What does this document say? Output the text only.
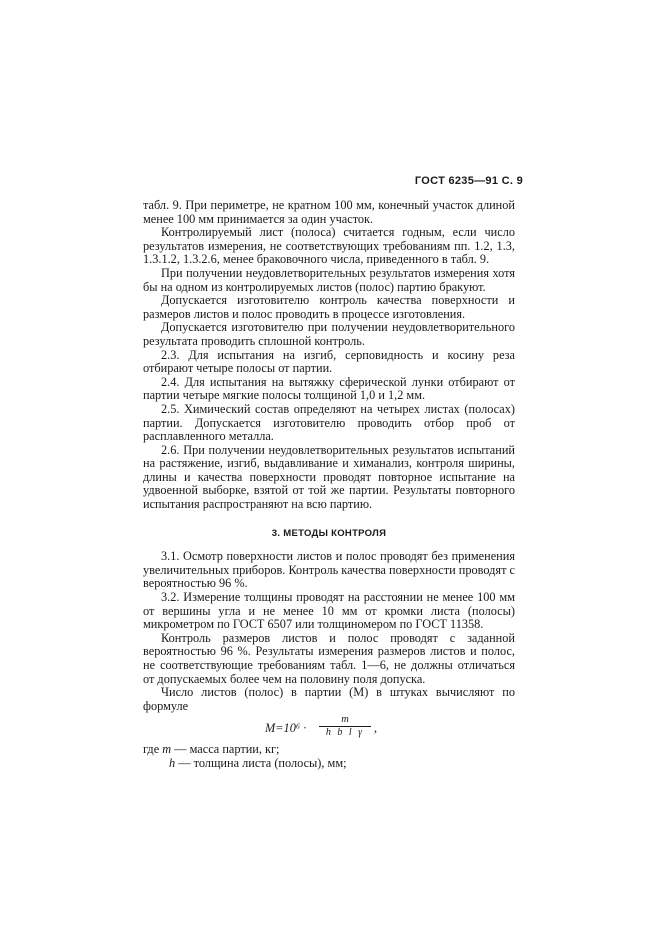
ГОСТ 6235—91 С. 9

табл. 9. При периметре, не кратном 100 мм, конечный участок длиной менее 100 мм принимается за один участок.

Контролируемый лист (полоса) считается годным, если число результатов измерения, не соответствующих требованиям пп. 1.2, 1.3, 1.3.1.2, 1.3.2.6, менее браковочного числа, приведенного в табл. 9.

При получении неудовлетворительных результатов измерения хотя бы на одном из контролируемых листов (полос) партию бракуют.

Допускается изготовителю контроль качества поверхности и размеров листов и полос проводить в процессе изготовления.

Допускается изготовителю при получении неудовлетворительного результата проводить сплошной контроль.

2.3. Для испытания на изгиб, серповидность и косину реза отбирают четыре полосы от партии.

2.4. Для испытания на вытяжку сферической лунки отбирают от партии четыре мягкие полосы толщиной 1,0 и 1,2 мм.

2.5. Химический состав определяют на четырех листах (полосах) партии. Допускается изготовителю проводить отбор проб от расплавленного металла.

2.6. При получении неудовлетворительных результатов испытаний на растяжение, изгиб, выдавливание и химанализ, контроля ширины, длины и качества поверхности проводят повторное испытание на удвоенной выборке, взятой от той же партии. Результаты повторного испытания распространяют на всю партию.

3. МЕТОДЫ КОНТРОЛЯ

3.1. Осмотр поверхности листов и полос проводят без применения увеличительных приборов. Контроль качества поверхности проводят с вероятностью 96 %.

3.2. Измерение толщины проводят на расстоянии не менее 100 мм от вершины угла и не менее 10 мм от кромки листа (полосы) микрометром по ГОСТ 6507 или толщиномером по ГОСТ 11358.

Контроль размеров листов и полос проводят с заданной вероятностью 96 %. Результаты измерения размеров листов и полос, не соответствующие требованиям табл. 1—6, не должны отличаться от допускаемых более чем на половину поля допуска.

Число листов (полос) в партии (M) в штуках вычисляют по формуле

$M=10^6 \cdot \frac{m}{\text{h b l γ}}$ ,

где m — масса партии, кг;

h — толщина листа (полосы), мм;
